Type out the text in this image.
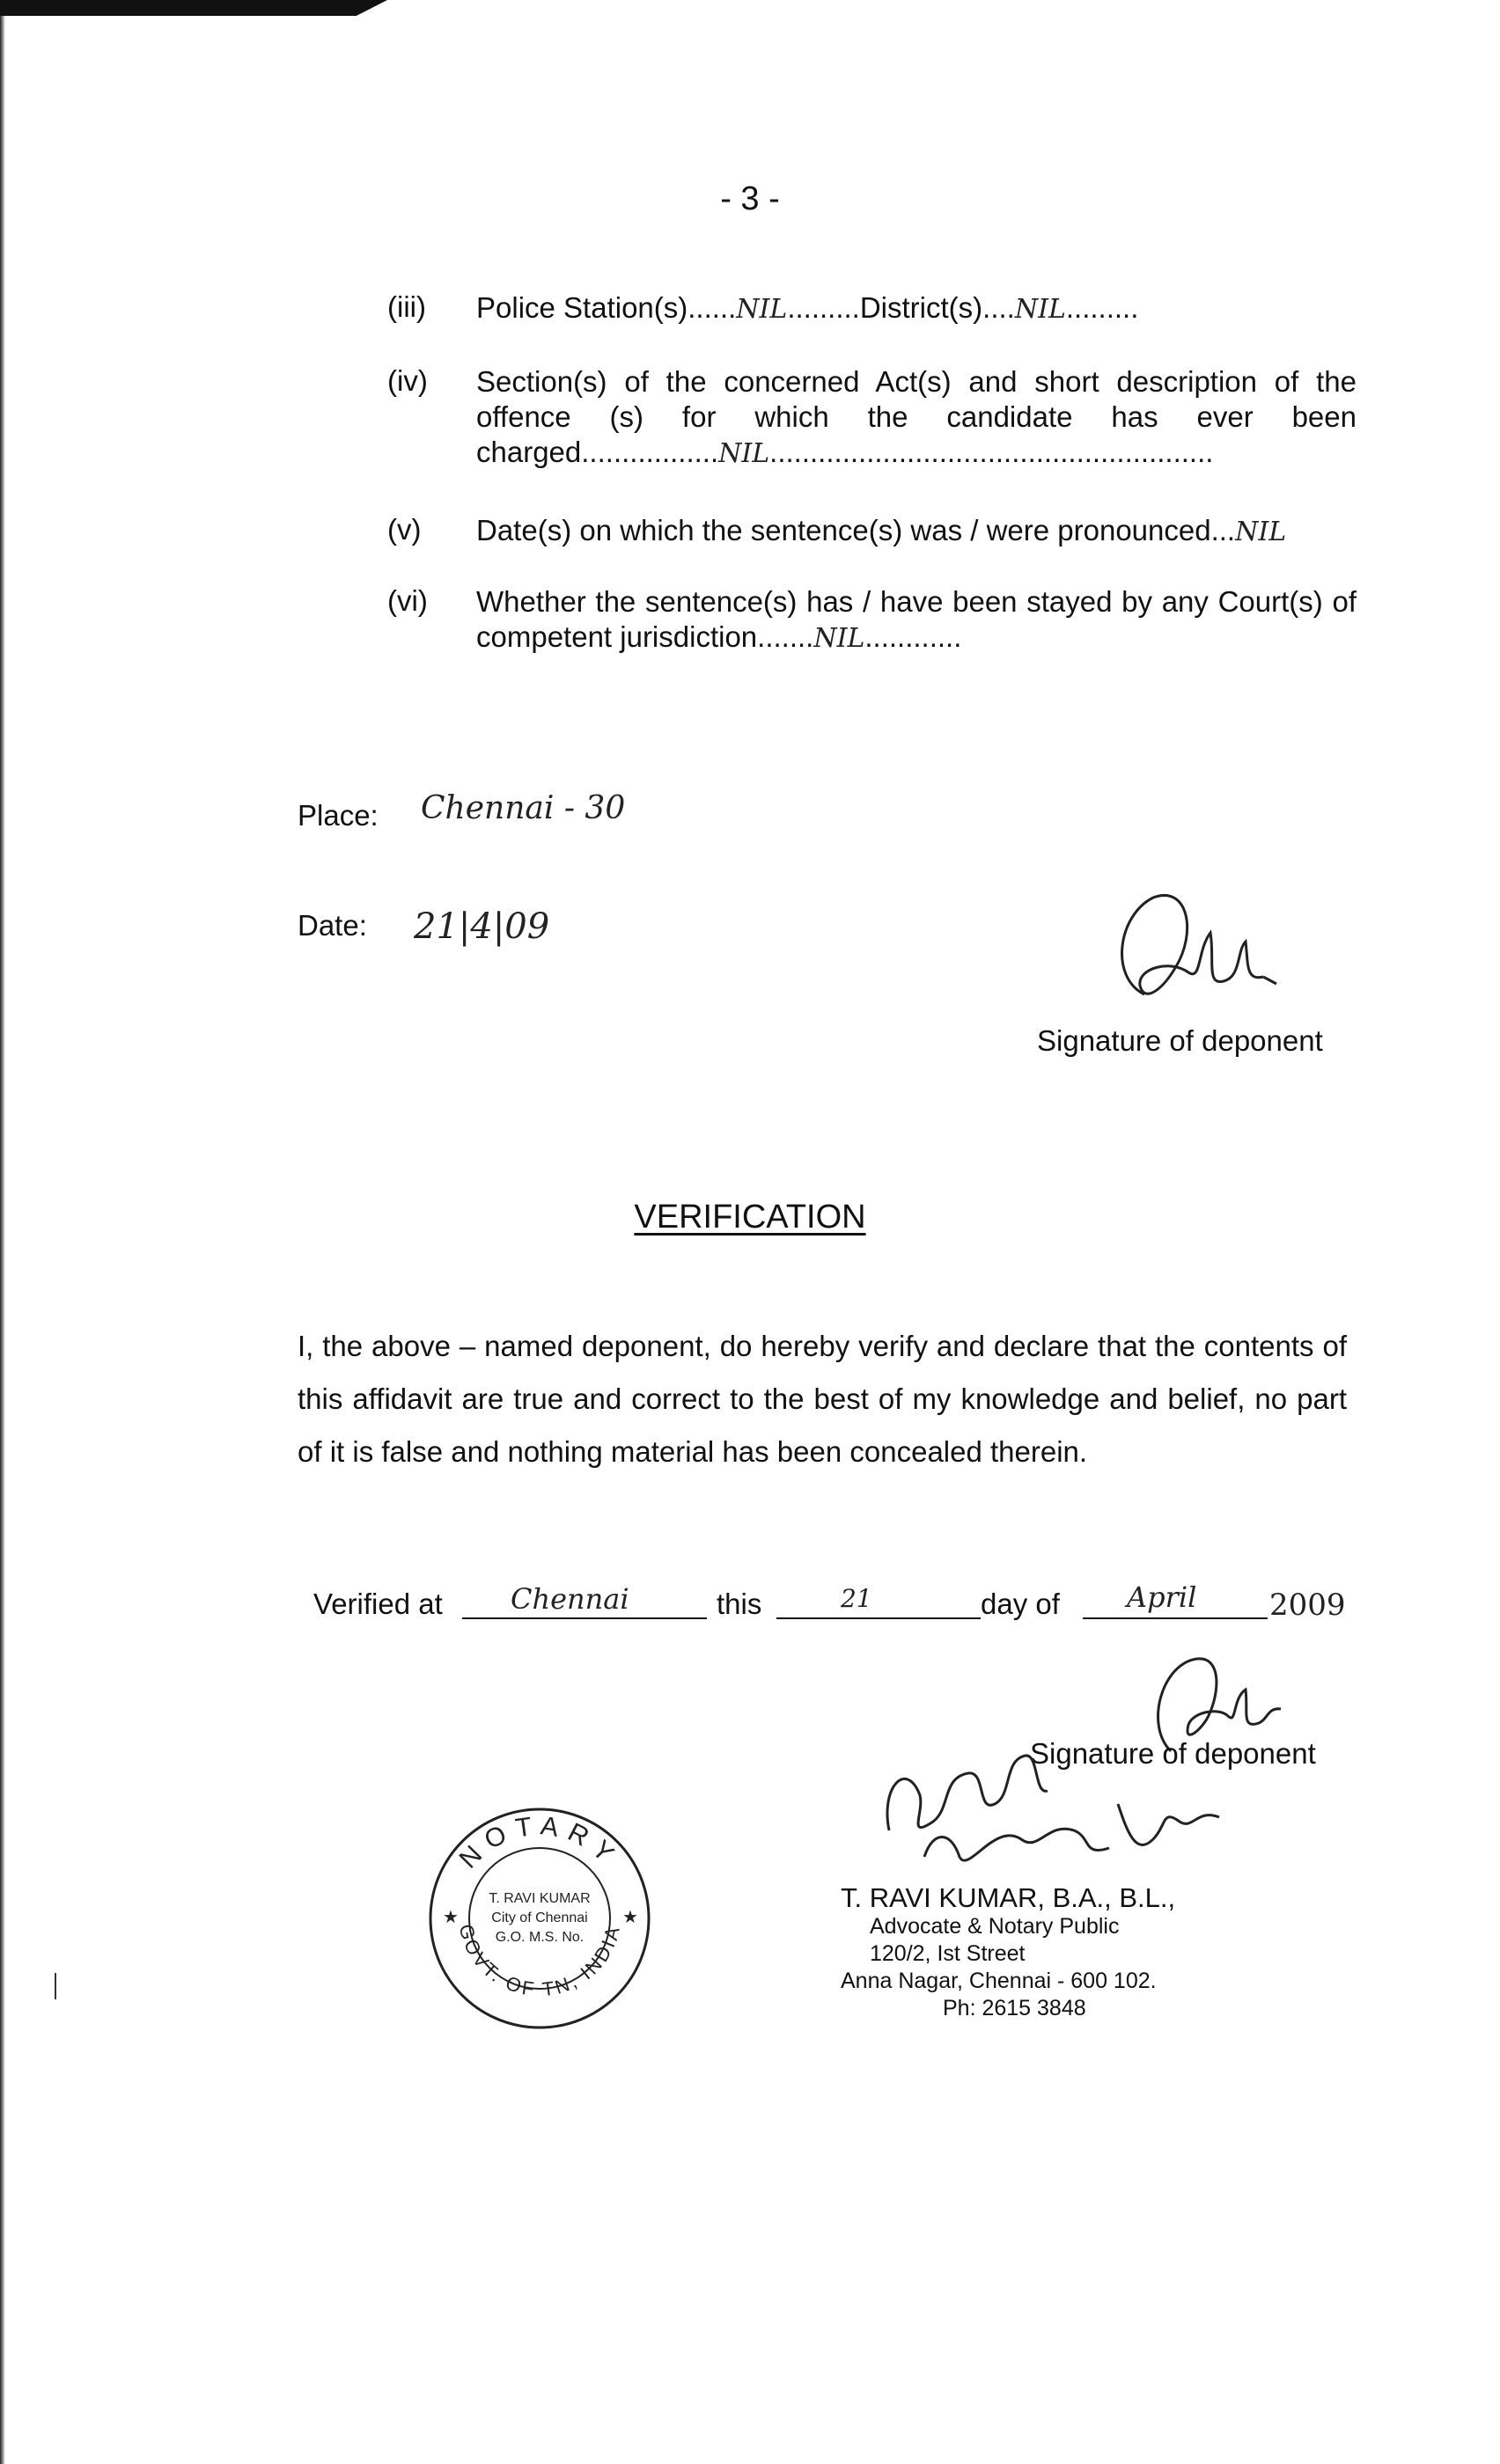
- 3 -
(iii) Police Station(s)......NIL.........District(s)....NIL.........
(iv) Section(s) of the concerned Act(s) and short description of the offence (s) for which the candidate has ever been charged.................NIL.......................................................
(v) Date(s) on which the sentence(s) was / were pronounced...NIL
(vi) Whether the sentence(s) has / have been stayed by any Court(s) of competent jurisdiction.......NIL............
Place: Chennai - 30
Date: 21|4|09
Signature of deponent
VERIFICATION
I, the above – named deponent, do hereby verify and declare that the contents of this affidavit are true and correct to the best of my knowledge and belief, no part of it is false and nothing material has been concealed therein.
Verified at Chennai	this	21	day of April 2009
Signature of deponent
NOTARY
GOVT. OF TN, INDIA
T. RAVI KUMAR
City of Chennai
G.O. M.S. No.
★	★
T. RAVI KUMAR, B.A., B.L.,
Advocate & Notary Public
120/2, Ist Street
Anna Nagar, Chennai - 600 102.
Ph: 2615 3848
